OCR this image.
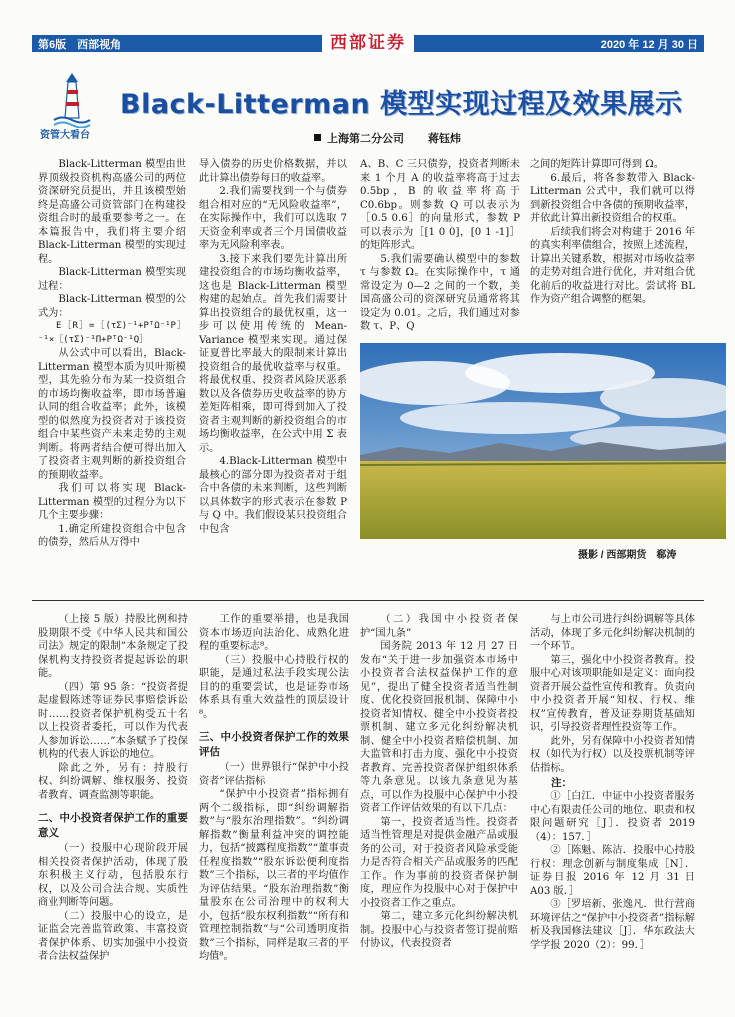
第6版　 西部视角	西部证券	2020 年 12 月 30 日
资管大看台
Black-Litterman 模型实现过程及效果展示
上海第二分公司 蒋钰炜

Black-Litterman 模型由世界顶级投资机构高盛公司的两位资深研究员提出，并且该模型始终是高盛公司资管部门在构建投资组合时的最重要参考之一。在本篇报告中，我们将主要介绍 Black-Litterman 模型的实现过程。

Black-Litterman 模型实现过程：

Black-Litterman 模型的公式为：

E［R］=［(τΣ)⁻¹+PᵀΩ⁻¹P］⁻¹×［(τΣ)⁻¹Π+PᵀΩ⁻¹Q］

从公式中可以看出，Black-Litterman 模型本质为贝叶斯模型，其先验分布为某一投资组合的市场均衡收益率，即市场普遍认同的组合收益率；此外，该模型的似然度为投资者对于该投资组合中某些资产未来走势的主观判断。将两者结合便可得出加入了投资者主观判断的新投资组合的预期收益率。

我们可以将实现 Black-Litterman 模型的过程分为以下几个主要步骤：

1.确定所建投资组合中包含的债券，然后从万得中

导入债券的历史价格数据，并以此计算出债券每日的收益率。

2.我们需要找到一个与债券组合相对应的“无风险收益率”，在实际操作中，我们可以选取 7 天资金利率或者三个月国债收益率为无风险利率表。

3.接下来我们要先计算出所建投资组合的市场均衡收益率，这也是 Black-Litterman 模型构建的起始点。首先我们需要计算出投资组合的最优权重，这一步可以使用传统的 Mean-Variance 模型来实现。通过保证夏普比率最大的限制来计算出投资组合的最优收益率与权重。将最优权重、投资者风险厌恶系数以及各债券历史收益率的协方差矩阵相乘，即可得到加入了投资者主观判断的新投资组合的市场均衡收益率，在公式中用 Σ 表示。

4.Black-Litterman 模型中最核心的部分即为投资者对于组合中各债的未来判断，这些判断以具体数字的形式表示在参数 P 与 Q 中。我们假设某只投资组合中包含

A、B、C 三只债券，投资者判断未来 1 个月 A 的收益率将高于过去 0.5bp，B 的收益率将高于 C0.6bp。则参数 Q 可以表示为［0.5 0.6］的向量形式，参数 P 可以表示为［[1 0 0]，[0 1 -1]］的矩阵形式。

5.我们需要确认模型中的参数 τ 与参数 Ω。在实际操作中，τ 通常设定为 0—2 之间的一个数，美国高盛公司的资深研究员通常将其设定为 0.01。之后，我们通过对参数 τ、P、Q

之间的矩阵计算即可得到 Ω。

6.最后，将各参数带入 Black-Litterman 公式中，我们就可以得到新投资组合中各债的预期收益率，并依此计算出新投资组合的权重。

后续我们将会对构建于 2016 年的真实利率债组合，按照上述流程，计算出关键系数，根据对市场收益率的走势对组合进行优化，并对组合优化前后的收益进行对比。尝试将 BL 作为资产组合调整的框架。

摄影 / 西部期货　郗涛

（上接 5 版）持股比例和持股期限不受《中华人民共和国公司法》规定的限制”本条规定了投保机构支持投资者提起诉讼的职能。

（四）第 95 条：“投资者提起虚假陈述等证券民事赔偿诉讼时……投资者保护机构受五十名以上投资者委托，可以作为代表人参加诉讼……”本条赋予了投保机构的代表人诉讼的地位。

除此之外，另有：持股行权、纠纷调解、维权服务、投资者教育、调查监测等职能。

二、中小投资者保护工作的重要意义

（一）投服中心现阶段开展相关投资者保护活动，体现了股东积极主义行动，包括股东行权，以及公司合法合规、实质性商业判断等问题。

（二）投服中心的设立，是证监会完善监管政策、丰富投资者保护体系、切实加强中小投资者合法权益保护

工作的重要举措，也是我国资本市场迈向法治化、成熟化进程的重要标志⁸。

（三）投服中心持股行权的职能，是通过私法手段实现公法目的的重要尝试，也是证券市场体系具有重大效益性的顶层设计⁸。

三、中小投资者保护工作的效果评估

（一）世界银行“保护中小投资者”评估指标

“保护中小投资者”指标拥有两个二级指标，即“纠纷调解指数”与“股东治理指数”。“纠纷调解指数”衡量利益冲突的调控能力，包括“披露程度指数”“董事责任程度指数”“股东诉讼便利度指数”三个指标，以三者的平均值作为评估结果。“股东治理指数”衡量股东在公司治理中的权利大小，包括“股东权利指数”“所有和管理控制指数”与“公司透明度指数”三个指标，同样是取三者的平均值⁸。

（二）我国中小投资者保护“国九条”

国务院 2013 年 12 月 27 日发布“关于进一步加强资本市场中小投资者合法权益保护工作的意见”，提出了健全投资者适当性制度、优化投资回报机制、保障中小投资者知情权、健全中小投资者投票机制、建立多元化纠纷解决机制、健全中小投资者赔偿机制、加大监管和打击力度、强化中小投资者教育、完善投资者保护组织体系等九条意见。以该九条意见为基点，可以作为投服中心保护中小投资者工作评估效果的有以下几点：

第一，投资者适当性。投资者适当性管理是对提供金融产品或服务的公司，对于投资者风险承受能力是否符合相关产品或服务的匹配工作。作为事前的投资者保护制度，理应作为投服中心对于保护中小投资者工作之重点。

第二，建立多元化纠纷解决机制。投服中心与投资者签订提前赔付协议，代表投资者

与上市公司进行纠纷调解等具体活动，体现了多元化纠纷解决机制的一个环节。

第三，强化中小投资者教育。投服中心对该项职能如是定义：面向投资者开展公益性宣传和教育。负责向中小投资者开展“知权、行权、维权”宣传教育，普及证券期货基础知识，引导投资者理性投资等工作。

此外，另有保障中小投资者知情权（如代为行权）以及投票机制等评估指标。

注：

①［白江．中证中小投资者服务中心有限责任公司的地位、职责和权限问题研究［J］．投资者 2019（4）：157．］

②［陈魁、陈洁．投服中心持股行权：理念创新与制度集成［N］．证券日报 2016 年 12 月 31 日 A03 版．］

③［罗培新、张逸凡．世行营商环境评估之“保护中小投资者”指标解析及我国修法建议［J］．华东政法大学学报 2020（2）：99．］
